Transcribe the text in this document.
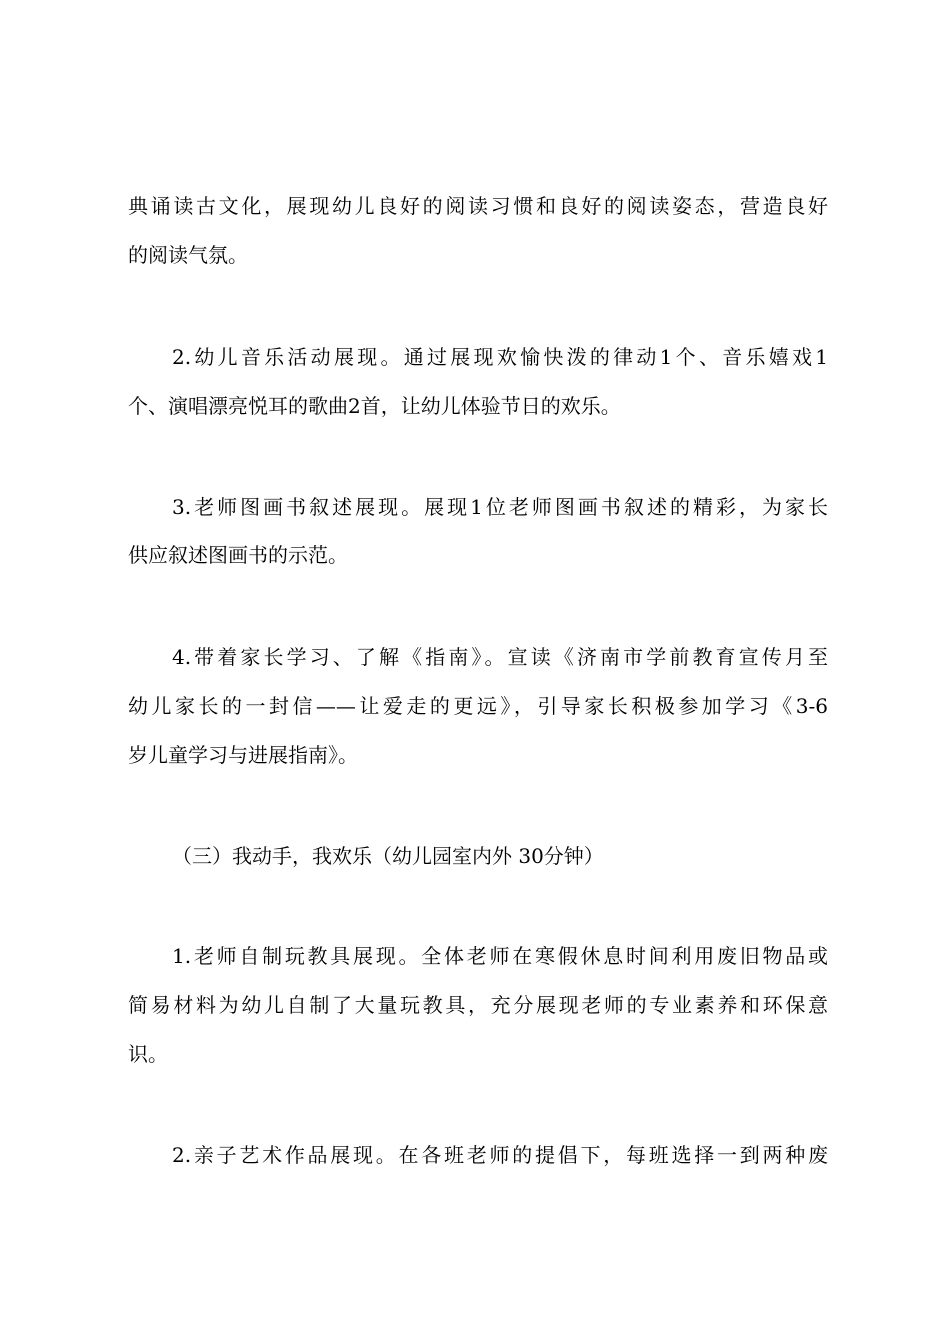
典诵读古文化，展现幼儿良好的阅读习惯和良好的阅读姿态，营造良好
的阅读气氛。
2.幼儿音乐活动展现。通过展现欢愉快泼的律动1个、音乐嬉戏1
个、演唱漂亮悦耳的歌曲2首，让幼儿体验节日的欢乐。
3.老师图画书叙述展现。展现1位老师图画书叙述的精彩，为家长
供应叙述图画书的示范。
4.带着家长学习、了解《指南》。宣读《济南市学前教育宣传月至
幼儿家长的一封信——让爱走的更远》，引导家长积极参加学习《3-6
岁儿童学习与进展指南》。
（三）我动手，我欢乐（幼儿园室内外 30分钟）
1.老师自制玩教具展现。全体老师在寒假休息时间利用废旧物品或
简易材料为幼儿自制了大量玩教具，充分展现老师的专业素养和环保意
识。
2.亲子艺术作品展现。在各班老师的提倡下，每班选择一到两种废
